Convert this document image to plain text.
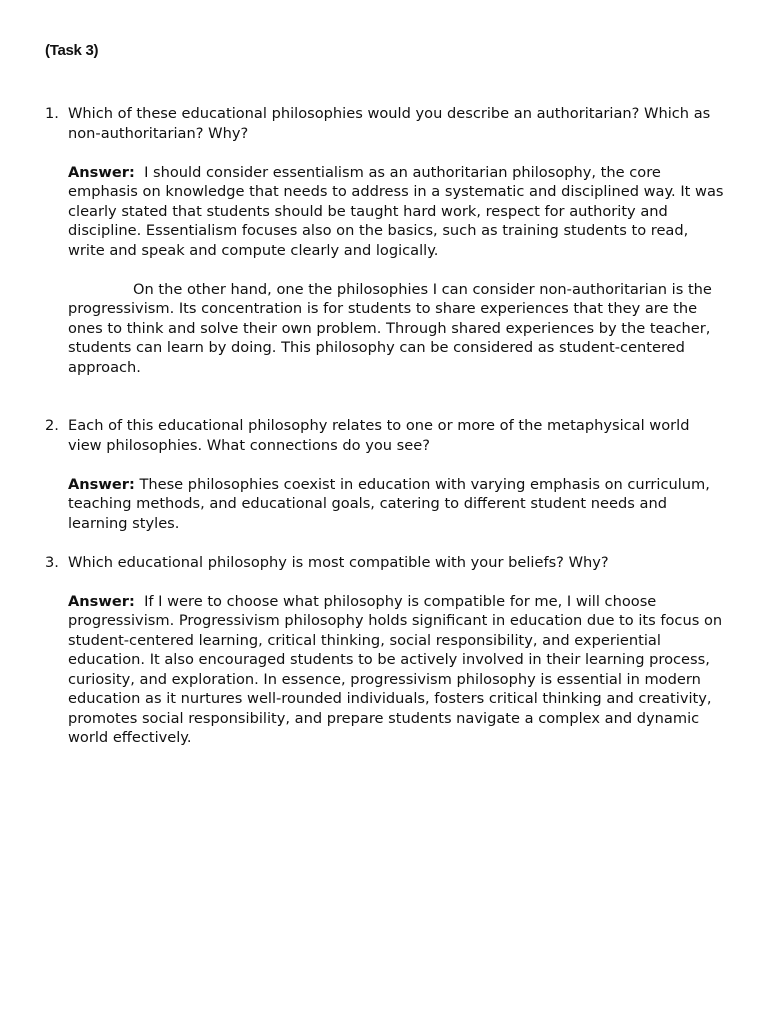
(Task 3)
1. Which of these educational philosophies would you describe an authoritarian? Which as non-authoritarian? Why?
Answer: I should consider essentialism as an authoritarian philosophy, the core emphasis on knowledge that needs to address in a systematic and disciplined way. It was clearly stated that students should be taught hard work, respect for authority and discipline. Essentialism focuses also on the basics, such as training students to read, write and speak and compute clearly and logically.
On the other hand, one the philosophies I can consider non-authoritarian is the progressivism. Its concentration is for students to share experiences that they are the ones to think and solve their own problem. Through shared experiences by the teacher, students can learn by doing. This philosophy can be considered as student-centered approach.
2. Each of this educational philosophy relates to one or more of the metaphysical world view philosophies. What connections do you see?
Answer: These philosophies coexist in education with varying emphasis on curriculum, teaching methods, and educational goals, catering to different student needs and learning styles.
3. Which educational philosophy is most compatible with your beliefs? Why?
Answer: If I were to choose what philosophy is compatible for me, I will choose progressivism. Progressivism philosophy holds significant in education due to its focus on student-centered learning, critical thinking, social responsibility, and experiential education. It also encouraged students to be actively involved in their learning process, curiosity, and exploration. In essence, progressivism philosophy is essential in modern education as it nurtures well-rounded individuals, fosters critical thinking and creativity, promotes social responsibility, and prepare students navigate a complex and dynamic world effectively.
